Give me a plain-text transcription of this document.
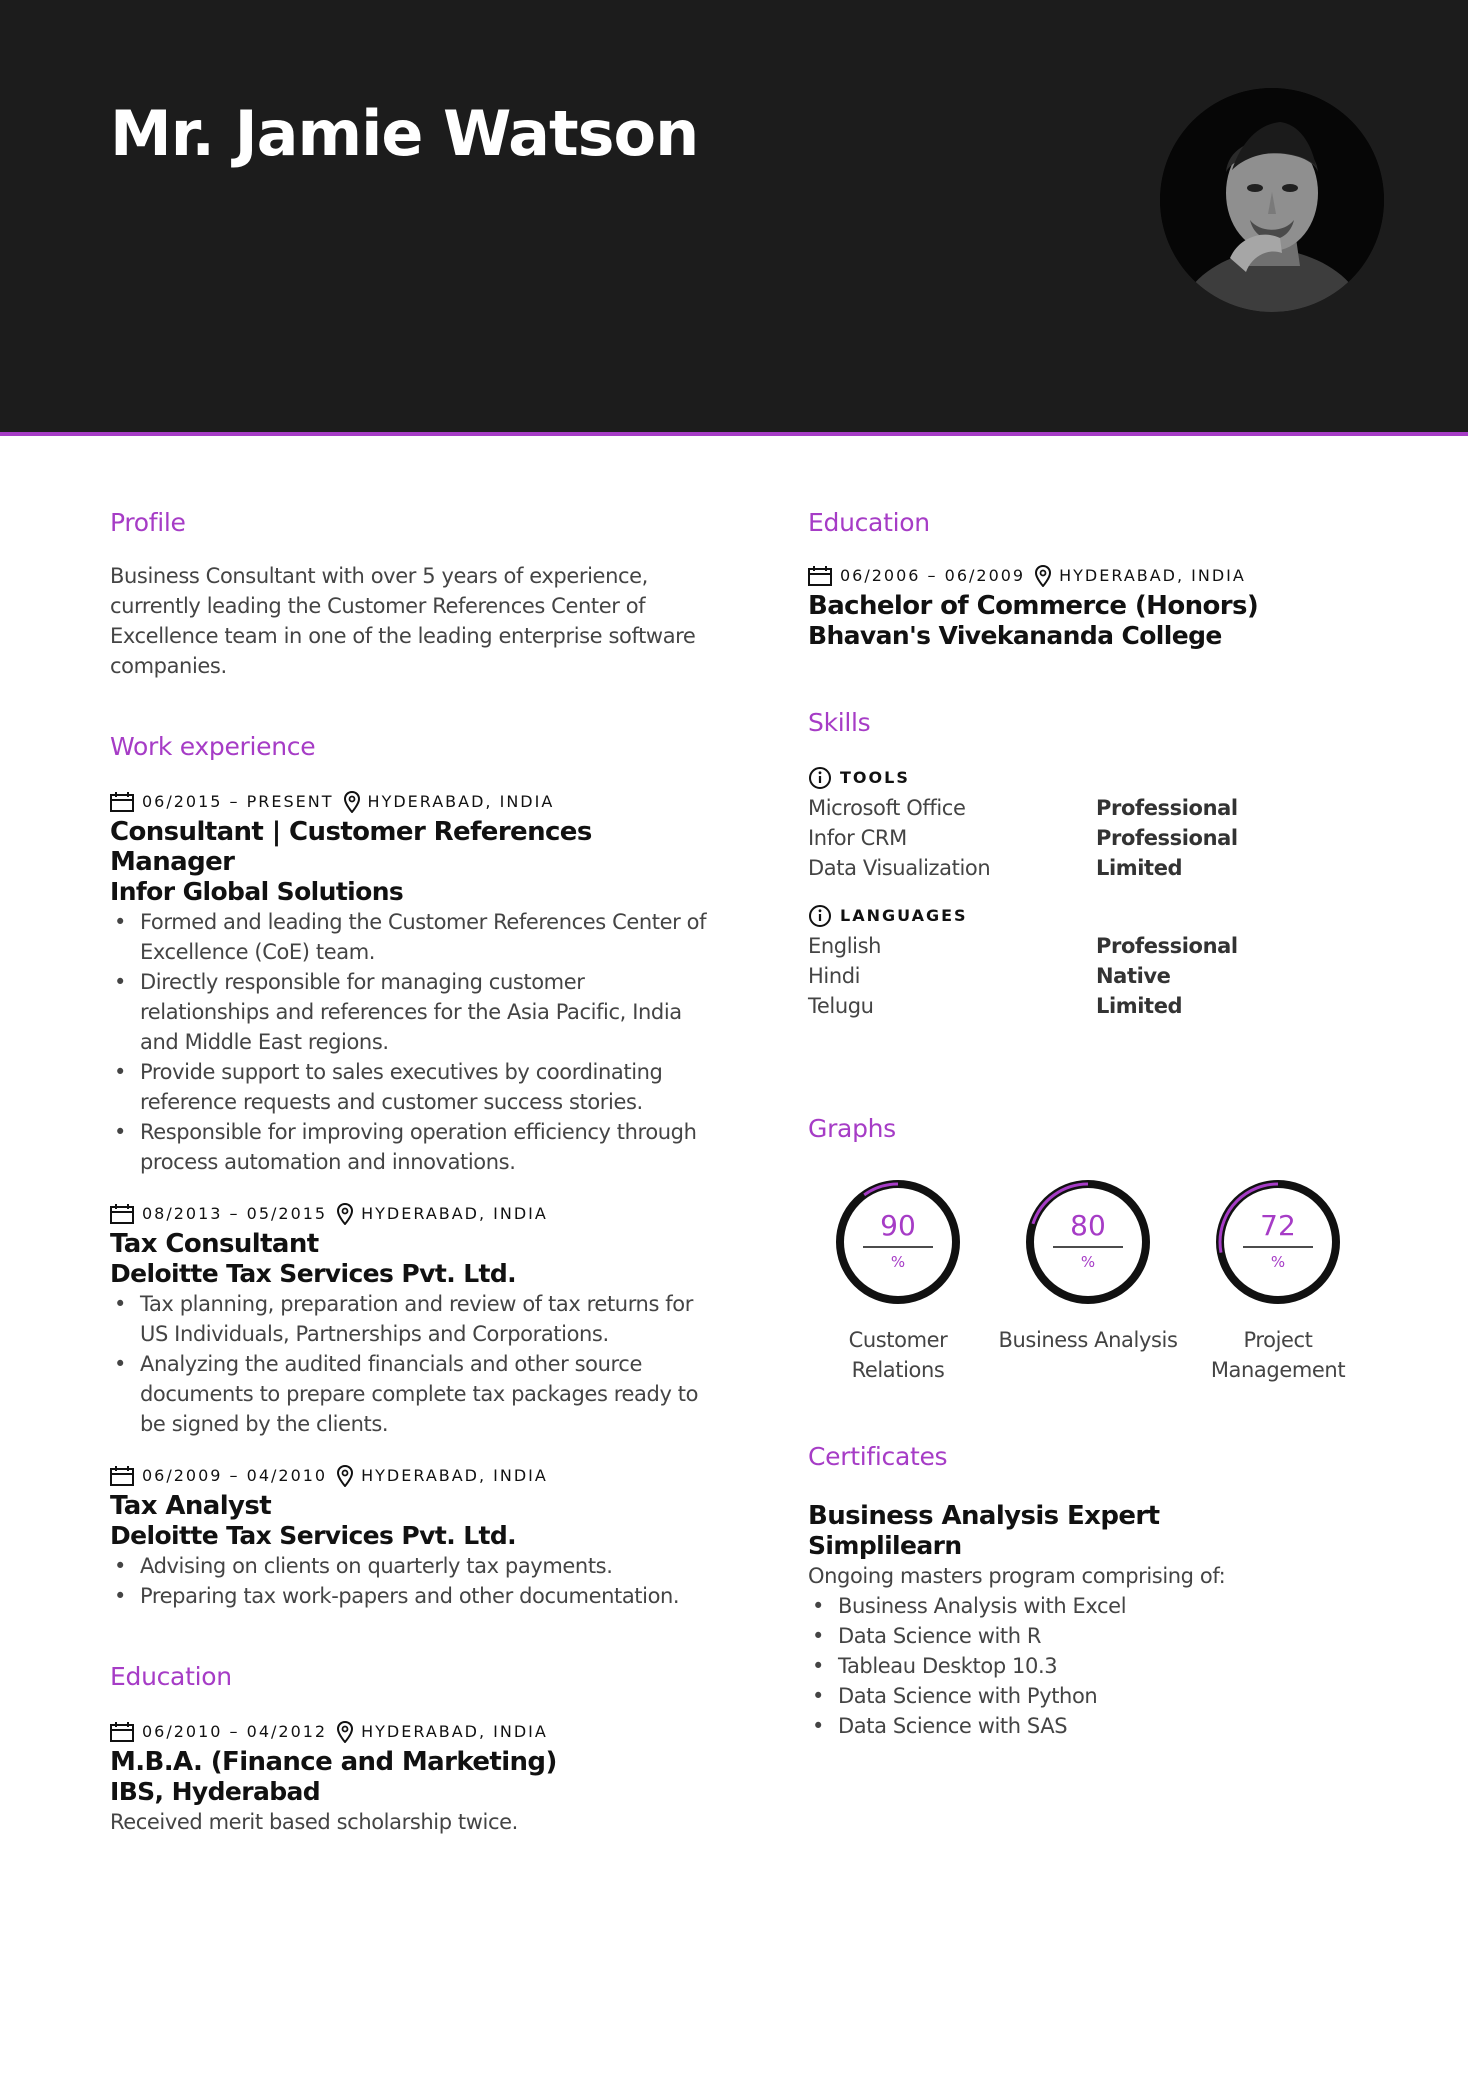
Mr. Jamie Watson
Profile

Business Consultant with over 5 years of experience, currently leading the Customer References Center of Excellence team in one of the leading enterprise software companies.

Work experience
06/2015 – PRESENT HYDERABAD, INDIA
Consultant | Customer References Manager
Infor Global Solutions
• Formed and leading the Customer References Center of Excellence (CoE) team.
• Directly responsible for managing customer relationships and references for the Asia Pacific, India and Middle East regions.
• Provide support to sales executives by coordinating reference requests and customer success stories.
• Responsible for improving operation efficiency through process automation and innovations.
08/2013 – 05/2015 HYDERABAD, INDIA
Tax Consultant
Deloitte Tax Services Pvt. Ltd.
• Tax planning, preparation and review of tax returns for US Individuals, Partnerships and Corporations.
• Analyzing the audited financials and other source documents to prepare complete tax packages ready to be signed by the clients.
06/2009 – 04/2010 HYDERABAD, INDIA
Tax Analyst
Deloitte Tax Services Pvt. Ltd.
• Advising on clients on quarterly tax payments.
• Preparing tax work-papers and other documentation.
Education
06/2010 – 04/2012 HYDERABAD, INDIA
M.B.A. (Finance and Marketing)
IBS, Hyderabad

Received merit based scholarship twice.

Education
06/2006 – 06/2009 HYDERABAD, INDIA
Bachelor of Commerce (Honors)
Bhavan's Vivekananda College
Skills
TOOLS
Microsoft Office	Professional
Infor CRM	Professional
Data Visualization	Limited
LANGUAGES
English	Professional
Hindi	Native
Telugu	Limited
Graphs
90
%
Customer Relations
80
%
Business Analysis
72
%
Project Management
Certificates
Business Analysis Expert
Simplilearn

Ongoing masters program comprising of:

• Business Analysis with Excel
• Data Science with R
• Tableau Desktop 10.3
• Data Science with Python
• Data Science with SAS
